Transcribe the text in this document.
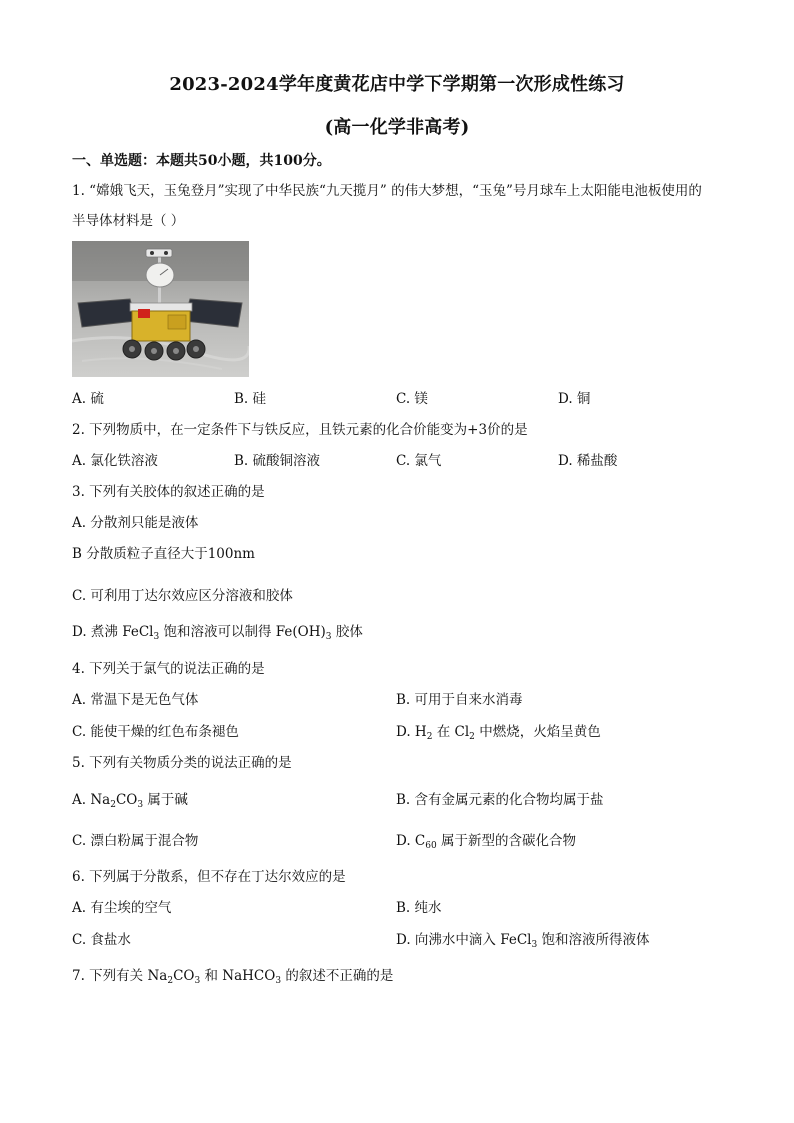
2023-2024学年度黄花店中学下学期第一次形成性练习
(高一化学非高考)
一、单选题：本题共50小题，共100分。
1. “嫦娥飞天，玉兔登月”实现了中华民族“九天揽月” 的伟大梦想，“玉兔”号月球车上太阳能电池板使用的
半导体材料是（ ）
A. 硫	B. 硅	C. 镁	D. 铜
2. 下列物质中，在一定条件下与铁反应，且铁元素的化合价能变为+3价的是
A. 氯化铁溶液	B. 硫酸铜溶液	C. 氯气	D. 稀盐酸
3. 下列有关胶体的叙述正确的是
A. 分散剂只能是液体
B 分散质粒子直径大于100nm
C. 可利用丁达尔效应区分溶液和胶体
D. 煮沸 FeCl$_3$ 饱和溶液可以制得 $Fe(OH)_3$ 胶体
4. 下列关于氯气的说法正确的是
A. 常温下是无色气体	B. 可用于自来水消毒
C. 能使干燥的红色布条褪色	D. $H_2$ 在 $Cl_2$ 中燃烧，火焰呈黄色
5. 下列有关物质分类的说法正确的是
A. $Na_2CO_3$ 属于碱	B. 含有金属元素的化合物均属于盐
C. 漂白粉属于混合物	D. $C_{60}$ 属于新型的含碳化合物
6. 下列属于分散系，但不存在丁达尔效应的是
A. 有尘埃的空气	B. 纯水
C. 食盐水	D. 向沸水中滴入 FeCl$_3$ 饱和溶液所得液体
7. 下列有关 $Na_2CO_3$ 和 NaHCO$_3$ 的叙述不正确的是
